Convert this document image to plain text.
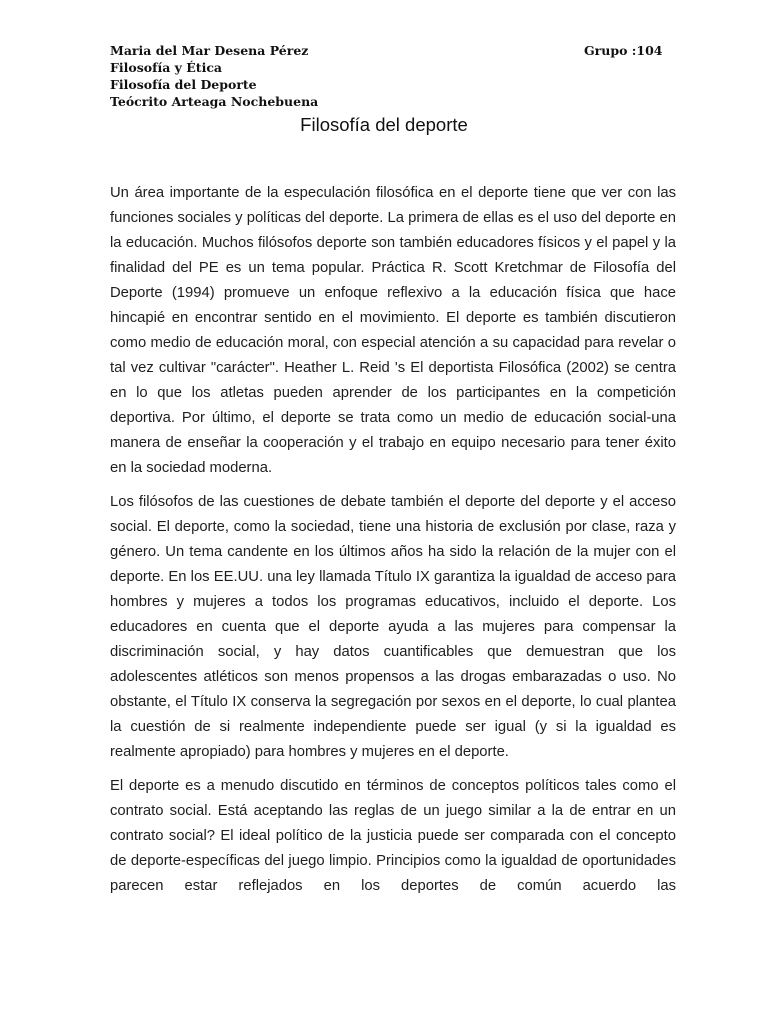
Maria del Mar Desena Pérez	Grupo :104
Filosofía y Ética
Filosofía del Deporte
Teócrito Arteaga Nochebuena
Filosofía del deporte

Un área importante de la especulación filosófica en el deporte tiene que ver con las funciones sociales y políticas del deporte. La primera de ellas es el uso del deporte en la educación. Muchos filósofos deporte son también educadores físicos y el papel y la finalidad del PE es un tema popular. Práctica R. Scott Kretchmar de Filosofía del Deporte (1994) promueve un enfoque reflexivo a la educación física que hace hincapié en encontrar sentido en el movimiento. El deporte es también discutieron como medio de educación moral, con especial atención a su capacidad para revelar o tal vez cultivar "carácter". Heather L. Reid 's El deportista Filosófica (2002) se centra en lo que los atletas pueden aprender de los participantes en la competición deportiva. Por último, el deporte se trata como un medio de educación social-una manera de enseñar la cooperación y el trabajo en equipo necesario para tener éxito en la sociedad moderna.

Los filósofos de las cuestiones de debate también el deporte del deporte y el acceso social. El deporte, como la sociedad, tiene una historia de exclusión por clase, raza y género. Un tema candente en los últimos años ha sido la relación de la mujer con el deporte. En los EE.UU. una ley llamada Título IX garantiza la igualdad de acceso para hombres y mujeres a todos los programas educativos, incluido el deporte. Los educadores en cuenta que el deporte ayuda a las mujeres para compensar la discriminación social, y hay datos cuantificables que demuestran que los adolescentes atléticos son menos propensos a las drogas embarazadas o uso. No obstante, el Título IX conserva la segregación por sexos en el deporte, lo cual plantea la cuestión de si realmente independiente puede ser igual (y si la igualdad es realmente apropiado) para hombres y mujeres en el deporte.

El deporte es a menudo discutido en términos de conceptos políticos tales como el contrato social. Está aceptando las reglas de un juego similar a la de entrar en un contrato social? El ideal político de la justicia puede ser comparada con el concepto de deporte-específicas del juego limpio. Principios como la igualdad de oportunidades parecen estar reflejados en los deportes de común acuerdo las
